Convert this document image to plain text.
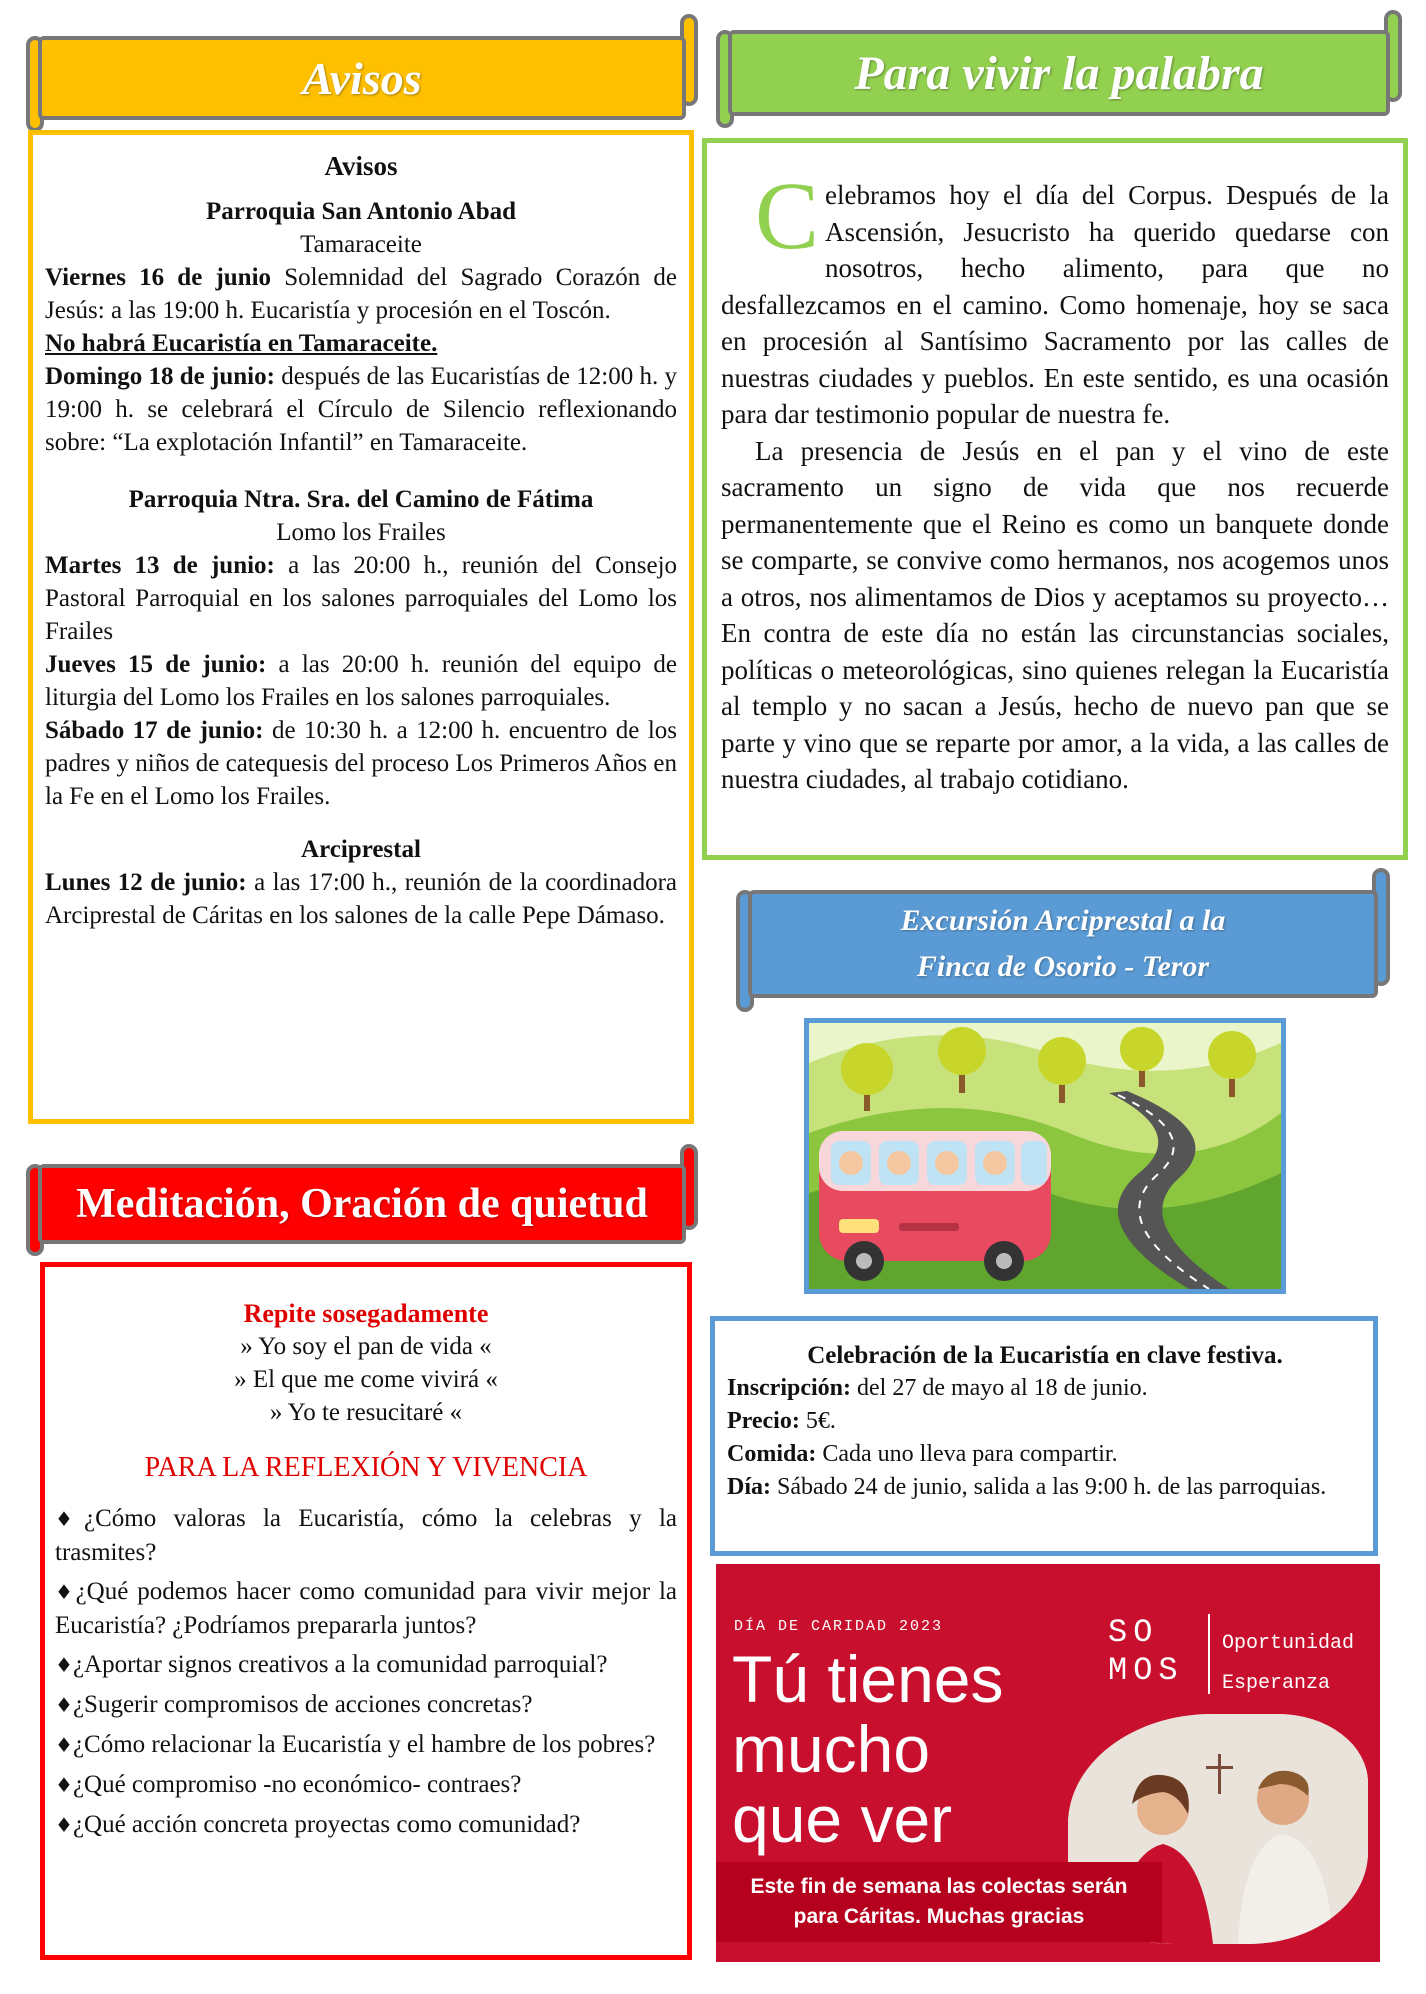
Avisos
Avisos
Parroquia San Antonio Abad
Tamaraceite

Viernes 16 de junio Solemnidad del Sagrado Corazón de Jesús: a las 19:00 h. Eucaristía y procesión en el Toscón.

No habrá Eucaristía en Tamaraceite.

Domingo 18 de junio: después de las Eucaristías de 12:00 h. y 19:00 h. se celebrará el Círculo de Silencio reflexionando sobre: “La explotación Infantil” en Tamaraceite.

Parroquia Ntra. Sra. del Camino de Fátima
Lomo los Frailes

Martes 13 de junio: a las 20:00 h., reunión del Consejo Pastoral Parroquial en los salones parroquiales del Lomo los Frailes

Jueves 15 de junio: a las 20:00 h. reunión del equipo de liturgia del Lomo los Frailes en los salones parroquiales.

Sábado 17 de junio: de 10:30 h. a 12:00 h. encuentro de los padres y niños de catequesis del proceso Los Primeros Años en la Fe en el Lomo los Frailes.

Arciprestal

Lunes 12 de junio: a las 17:00 h., reunión de la coordinadora Arciprestal de Cáritas en los salones de la calle Pepe Dámaso.

Para vivir la palabra

C elebramos hoy el día del Corpus. Después de la Ascensión, Jesucristo ha querido quedarse con nosotros, hecho alimento, para que no desfallezcamos en el camino. Como homenaje, hoy se saca en procesión al Santísimo Sacramento por las calles de nuestras ciudades y pueblos. En este sentido, es una ocasión para dar testimonio popular de nuestra fe.

La presencia de Jesús en el pan y el vino de este sacramento un signo de vida que nos recuerde permanentemente que el Reino es como un banquete donde se comparte, se convive como hermanos, nos acogemos unos a otros, nos alimentamos de Dios y aceptamos su proyecto… En contra de este día no están las circunstancias sociales, políticas o meteorológicas, sino quienes relegan la Eucaristía al templo y no sacan a Jesús, hecho de nuevo pan que se parte y vino que se reparte por amor, a la vida, a las calles de nuestra ciudades, al trabajo cotidiano.

Excursión Arciprestal a la
Finca de Osorio - Teror
Celebración de la Eucaristía en clave festiva.
Inscripción: del 27 de mayo al 18 de junio.
Precio: 5€.
Comida: Cada uno lleva para compartir.
Día: Sábado 24 de junio, salida a las 9:00 h. de las parroquias.
DÍA DE CARIDAD 2023
Tú tienes
mucho
que ver
SO
MOS
Oportunidad
Esperanza
Este fin de semana las colectas serán para Cáritas. Muchas gracias
Meditación, Oración de quietud
Repite sosegadamente
» Yo soy el pan de vida «
» El que me come vivirá «
» Yo te resucitaré «
PARA LA REFLEXIÓN Y VIVENCIA

♦¿Cómo valoras la Eucaristía, cómo la celebras y la trasmites?

♦¿Qué podemos hacer como comunidad para vivir mejor la Eucaristía? ¿Podríamos prepararla juntos?

♦¿Aportar signos creativos a la comunidad parroquial?

♦¿Sugerir compromisos de acciones concretas?

♦¿Cómo relacionar la Eucaristía y el hambre de los pobres?

♦¿Qué compromiso -no económico- contraes?

♦¿Qué acción concreta proyectas como comunidad?
